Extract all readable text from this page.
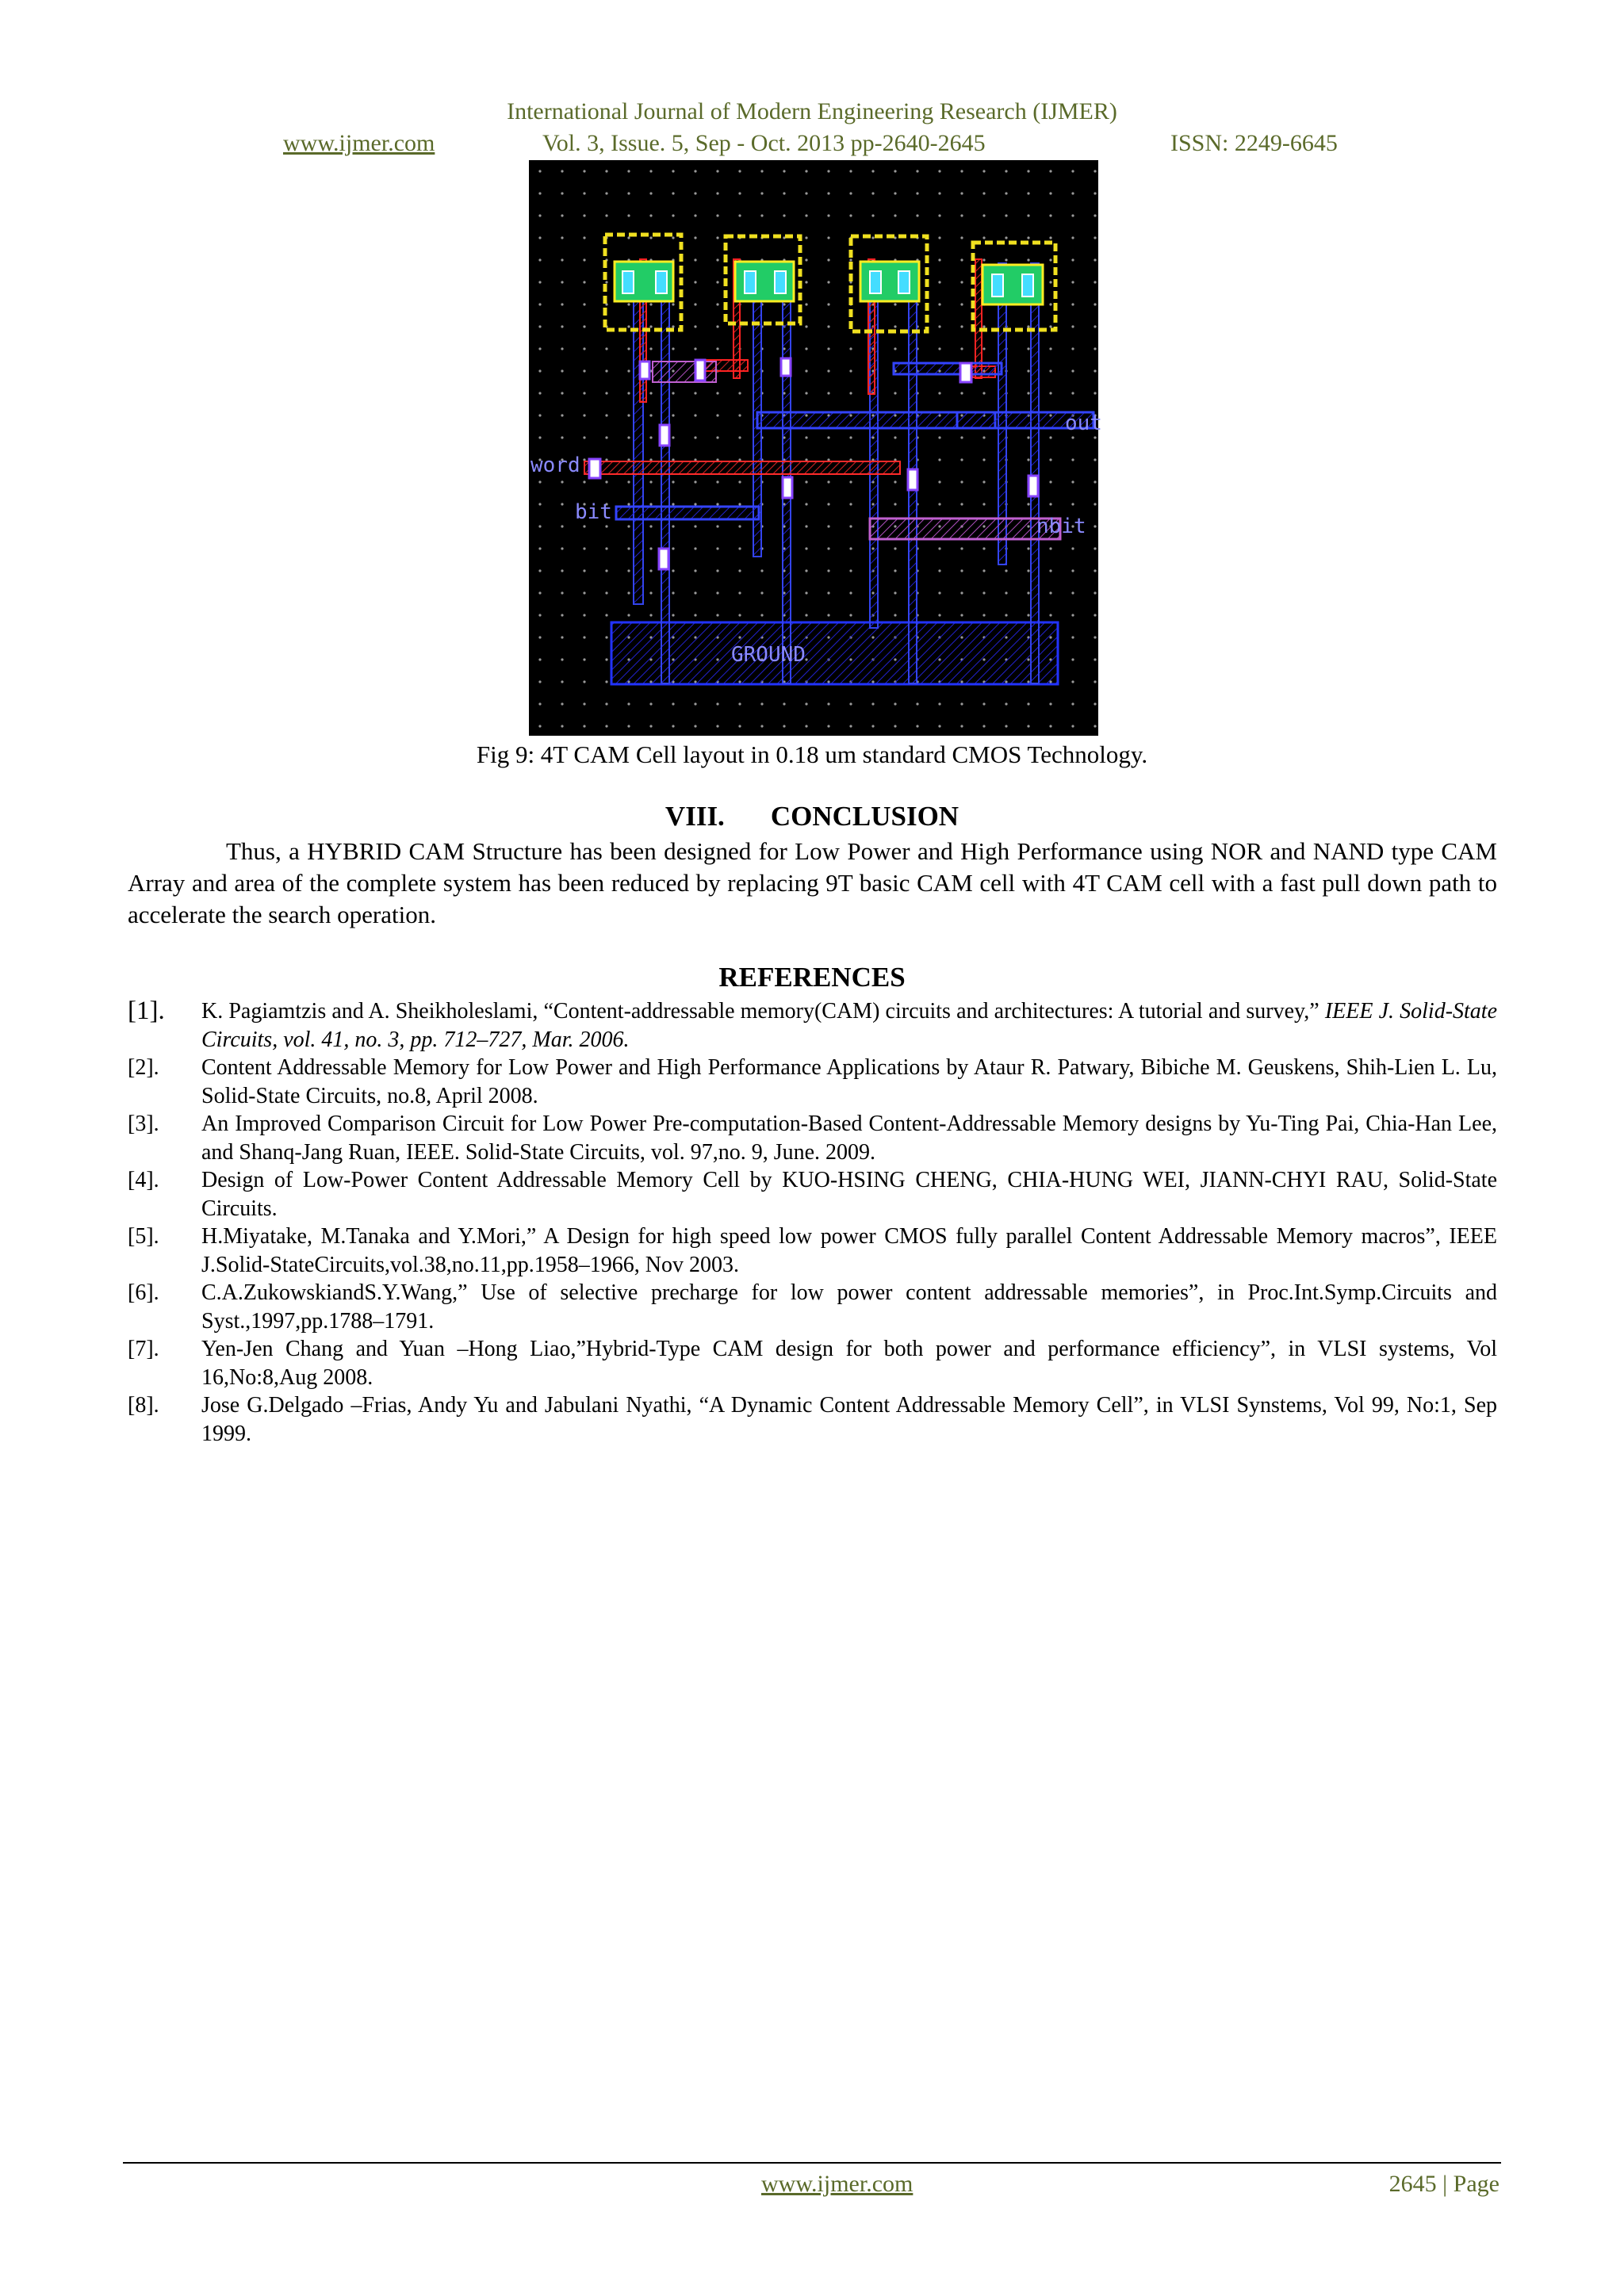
International Journal of Modern Engineering Research (IJMER)
www.ijmer.com	Vol. 3, Issue. 5, Sep - Oct. 2013 pp-2640-2645	ISSN: 2249-6645
word
bit
out
nbit
GROUND
Fig 9: 4T CAM Cell layout in 0.18 um standard CMOS Technology.
VIII. CONCLUSION
Thus, a HYBRID CAM Structure has been designed for Low Power and High Performance using NOR and NAND type CAM Array and area of the complete system has been reduced by replacing 9T basic CAM cell with 4T CAM cell with a fast pull down path to accelerate the search operation.
REFERENCES
[1]. K. Pagiamtzis and A. Sheikholeslami, “Content-addressable memory(CAM) circuits and architectures: A tutorial and survey,” IEEE J. Solid-State Circuits, vol. 41, no. 3, pp. 712–727, Mar. 2006.
[2]. Content Addressable Memory for Low Power and High Performance Applications by Ataur R. Patwary, Bibiche M. Geuskens, Shih-Lien L. Lu, Solid-State Circuits, no.8, April 2008.
[3]. An Improved Comparison Circuit for Low Power Pre-computation-Based Content-Addressable Memory designs by Yu-Ting Pai, Chia-Han Lee, and Shanq-Jang Ruan, IEEE. Solid-State Circuits, vol. 97,no. 9, June. 2009.
[4]. Design of Low-Power Content Addressable Memory Cell by KUO-HSING CHENG, CHIA-HUNG WEI, JIANN-CHYI RAU, Solid-State Circuits.
[5]. H.Miyatake, M.Tanaka and Y.Mori,” A Design for high speed low power CMOS fully parallel Content Addressable Memory macros”, IEEE J.Solid-StateCircuits,vol.38,no.11,pp.1958–1966, Nov 2003.
[6]. C.A.ZukowskiandS.Y.Wang,” Use of selective precharge for low power content addressable memories”, in Proc.Int.Symp.Circuits and Syst.,1997,pp.1788–1791.
[7]. Yen-Jen Chang and Yuan –Hong Liao,”Hybrid-Type CAM design for both power and performance efficiency”, in VLSI systems, Vol 16,No:8,Aug 2008.
[8]. Jose G.Delgado –Frias, Andy Yu and Jabulani Nyathi, “A Dynamic Content Addressable Memory Cell”, in VLSI Synstems, Vol 99, No:1, Sep 1999.
www.ijmer.com	2645 | Page
